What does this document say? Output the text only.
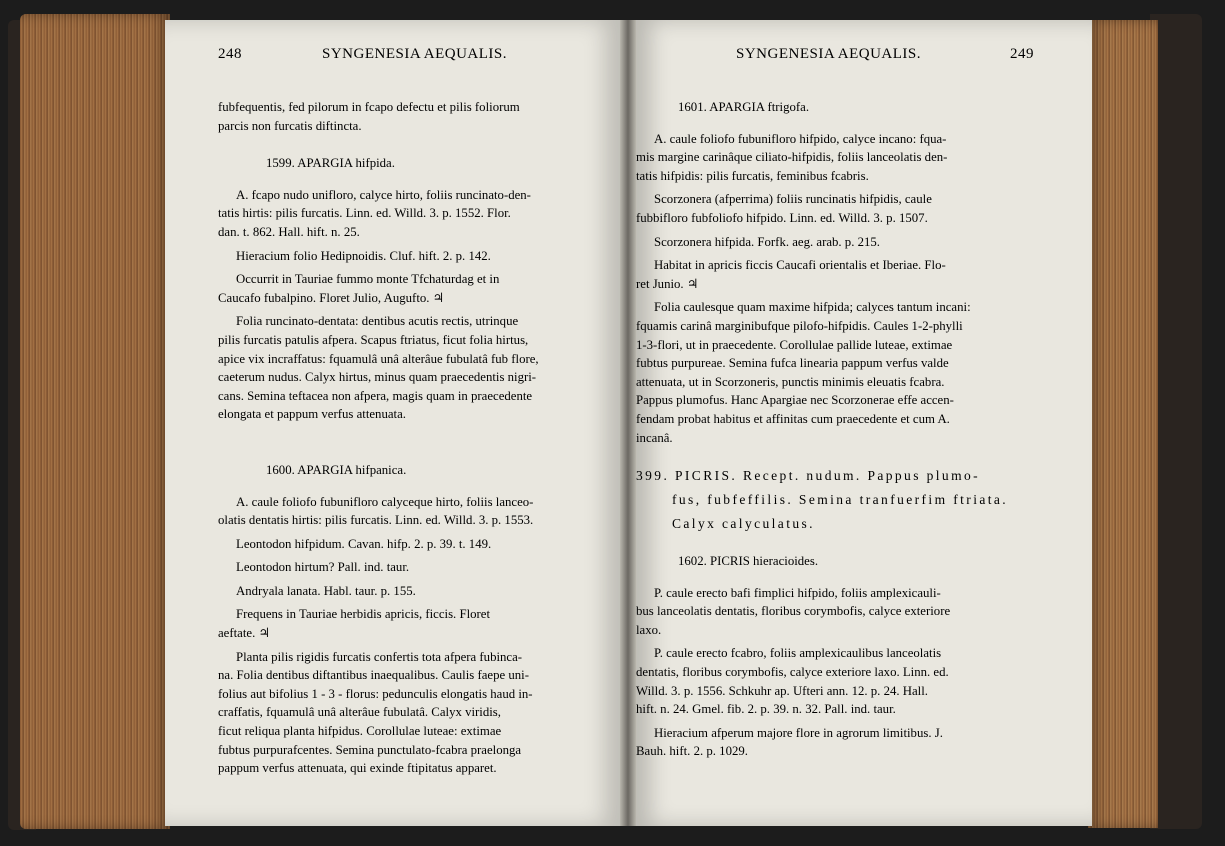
248	SYNGENESIA AEQUALIS.

fubfequentis, fed pilorum in fcapo defectu et pilis foliorum

parcis non furcatis diftincta.

1599. APARGIA hifpida.

A. fcapo nudo unifloro, calyce hirto, foliis runcinato-den-

tatis hirtis: pilis furcatis. Linn. ed. Willd. 3. p. 1552. Flor.

dan. t. 862. Hall. hift. n. 25.

Hieracium folio Hedipnoidis. Cluf. hift. 2. p. 142.

Occurrit in Tauriae fummo monte Tfchaturdag et in

Caucafo fubalpino. Floret Julio, Augufto. ♃

Folia runcinato-dentata: dentibus acutis rectis, utrinque

pilis furcatis patulis afpera. Scapus ftriatus, ficut folia hirtus,

apice vix incraffatus: fquamulâ unâ alterâue fubulatâ fub flore,

caeterum nudus. Calyx hirtus, minus quam praecedentis nigri-

cans. Semina teftacea non afpera, magis quam in praecedente

elongata et pappum verfus attenuata.

1600. APARGIA hifpanica.

A. caule foliofo fubunifloro calyceque hirto, foliis lanceo-

olatis dentatis hirtis: pilis furcatis. Linn. ed. Willd. 3. p. 1553.

Leontodon hifpidum. Cavan. hifp. 2. p. 39. t. 149.

Leontodon hirtum? Pall. ind. taur.

Andryala lanata. Habl. taur. p. 155.

Frequens in Tauriae herbidis apricis, ficcis. Floret

aeftate. ♃

Planta pilis rigidis furcatis confertis tota afpera fubinca-

na. Folia dentibus diftantibus inaequalibus. Caulis faepe uni-

folius aut bifolius 1 - 3 - florus: pedunculis elongatis haud in-

craffatis, fquamulâ unâ alterâue fubulatâ. Calyx viridis,

ficut reliqua planta hifpidus. Corollulae luteae: extimae

fubtus purpurafcentes. Semina punctulato-fcabra praelonga

pappum verfus attenuata, qui exinde ftipitatus apparet.

SYNGENESIA AEQUALIS.	249

1601. APARGIA ftrigofa.

A. caule foliofo fubunifloro hifpido, calyce incano: fqua-

mis margine carinâque ciliato-hifpidis, foliis lanceolatis den-

tatis hifpidis: pilis furcatis, feminibus fcabris.

Scorzonera (afperrima) foliis runcinatis hifpidis, caule

fubbifloro fubfoliofo hifpido. Linn. ed. Willd. 3. p. 1507.

Scorzonera hifpida. Forfk. aeg. arab. p. 215.

Habitat in apricis ficcis Caucafi orientalis et Iberiae. Flo-

ret Junio. ♃

Folia caulesque quam maxime hifpida; calyces tantum incani:

fquamis carinâ marginibufque pilofo-hifpidis. Caules 1-2-phylli

1-3-flori, ut in praecedente. Corollulae pallide luteae, extimae

fubtus purpureae. Semina fufca linearia pappum verfus valde

attenuata, ut in Scorzoneris, punctis minimis eleuatis fcabra.

Pappus plumofus. Hanc Apargiae nec Scorzonerae effe accen-

fendam probat habitus et affinitas cum praecedente et cum A.

incanâ.

399. PICRIS. Recept. nudum. Pappus plumo-

fus, fubfeffilis. Semina tranfuerfim ftriata.

Calyx calyculatus.

1602. PICRIS hieracioides.

P. caule erecto bafi fimplici hifpido, foliis amplexicauli-

bus lanceolatis dentatis, floribus corymbofis, calyce exteriore

laxo.

P. caule erecto fcabro, foliis amplexicaulibus lanceolatis

dentatis, floribus corymbofis, calyce exteriore laxo. Linn. ed.

Willd. 3. p. 1556. Schkuhr ap. Ufteri ann. 12. p. 24. Hall.

hift. n. 24. Gmel. fib. 2. p. 39. n. 32. Pall. ind. taur.

Hieracium afperum majore flore in agrorum limitibus. J.

Bauh. hift. 2. p. 1029.
